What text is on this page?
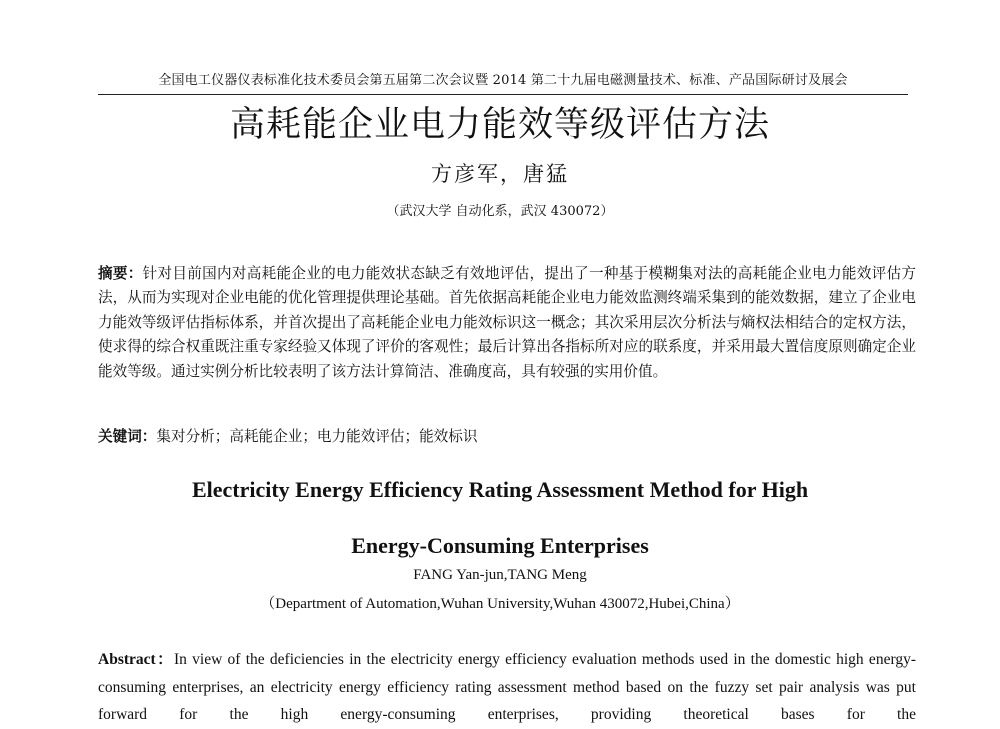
全国电工仪器仪表标准化技术委员会第五届第二次会议暨 2014 第二十九届电磁测量技术、标准、产品国际研讨及展会
高耗能企业电力能效等级评估方法
方彦军，唐猛
（武汉大学 自动化系，武汉 430072）
摘要：针对目前国内对高耗能企业的电力能效状态缺乏有效地评估，提出了一种基于模糊集对法的高耗能企业电力能效评估方法，从而为实现对企业电能的优化管理提供理论基础。首先依据高耗能企业电力能效监测终端采集到的能效数据，建立了企业电力能效等级评估指标体系，并首次提出了高耗能企业电力能效标识这一概念；其次采用层次分析法与熵权法相结合的定权方法，使求得的综合权重既注重专家经验又体现了评价的客观性；最后计算出各指标所对应的联系度，并采用最大置信度原则确定企业能效等级。通过实例分析比较表明了该方法计算简洁、准确度高，具有较强的实用价值。
关键词：集对分析；高耗能企业；电力能效评估；能效标识
Electricity Energy Efficiency Rating Assessment Method for High
Energy-Consuming Enterprises
FANG Yan-jun,TANG Meng
（Department of Automation,Wuhan University,Wuhan 430072,Hubei,China）
Abstract：In view of the deficiencies in the electricity energy efficiency evaluation methods used in the domestic high energy-consuming enterprises, an electricity energy efficiency rating assessment method based on the fuzzy set pair analysis was put forward for the high energy-consuming enterprises, providing theoretical bases for the
